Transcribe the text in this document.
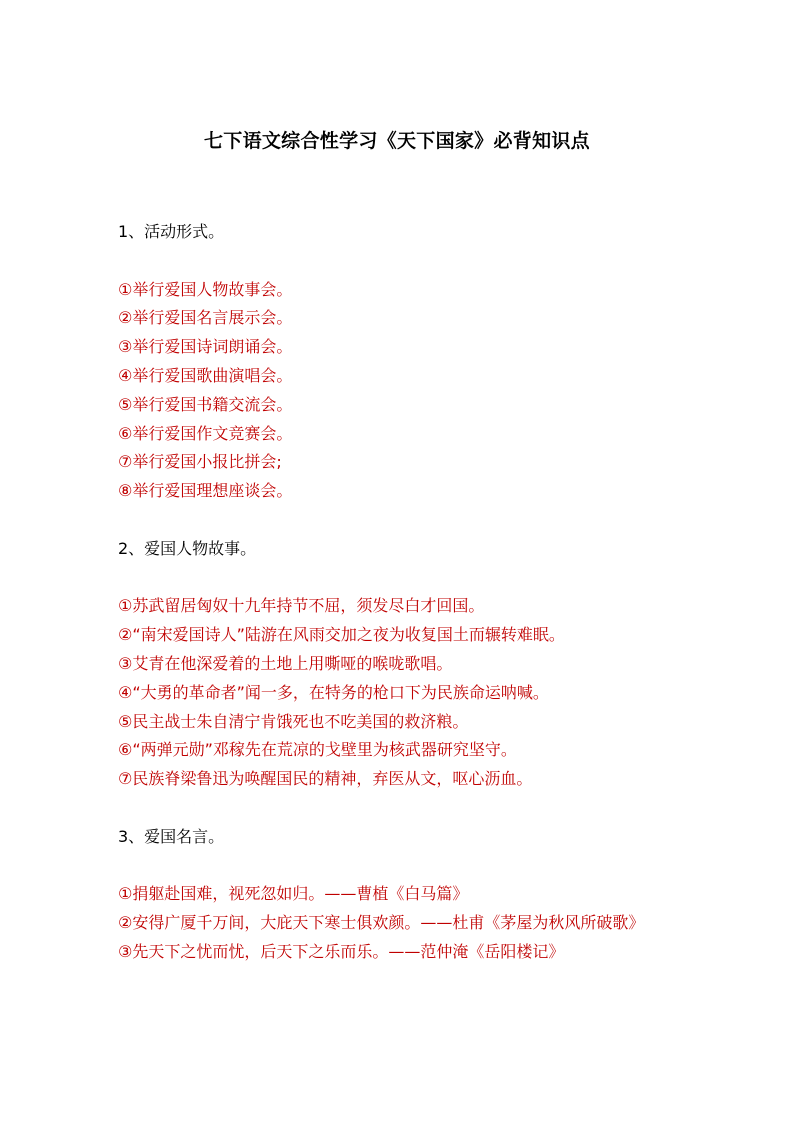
七下语文综合性学习《天下国家》必背知识点

1、活动形式。

①举行爱国人物故事会。
②举行爱国名言展示会。
③举行爱国诗词朗诵会。
④举行爱国歌曲演唱会。
⑤举行爱国书籍交流会。
⑥举行爱国作文竞赛会。
⑦举行爱国小报比拼会;
⑧举行爱国理想座谈会。

2、爱国人物故事。

①苏武留居匈奴十九年持节不屈，须发尽白才回国。
②“南宋爱国诗人”陆游在风雨交加之夜为收复国土而辗转难眠。
③艾青在他深爱着的土地上用嘶哑的喉咙歌唱。
④“大勇的革命者”闻一多，在特务的枪口下为民族命运呐喊。
⑤民主战士朱自清宁肯饿死也不吃美国的救济粮。
⑥“两弹元勋”邓稼先在荒凉的戈壁里为核武器研究坚守。
⑦民族脊梁鲁迅为唤醒国民的精神，弃医从文，呕心沥血。

3、爱国名言。

①捐躯赴国难，视死忽如归。——曹植《白马篇》
②安得广厦千万间，大庇天下寒士俱欢颜。——杜甫《茅屋为秋风所破歌》
③先天下之忧而忧，后天下之乐而乐。——范仲淹《岳阳楼记》
